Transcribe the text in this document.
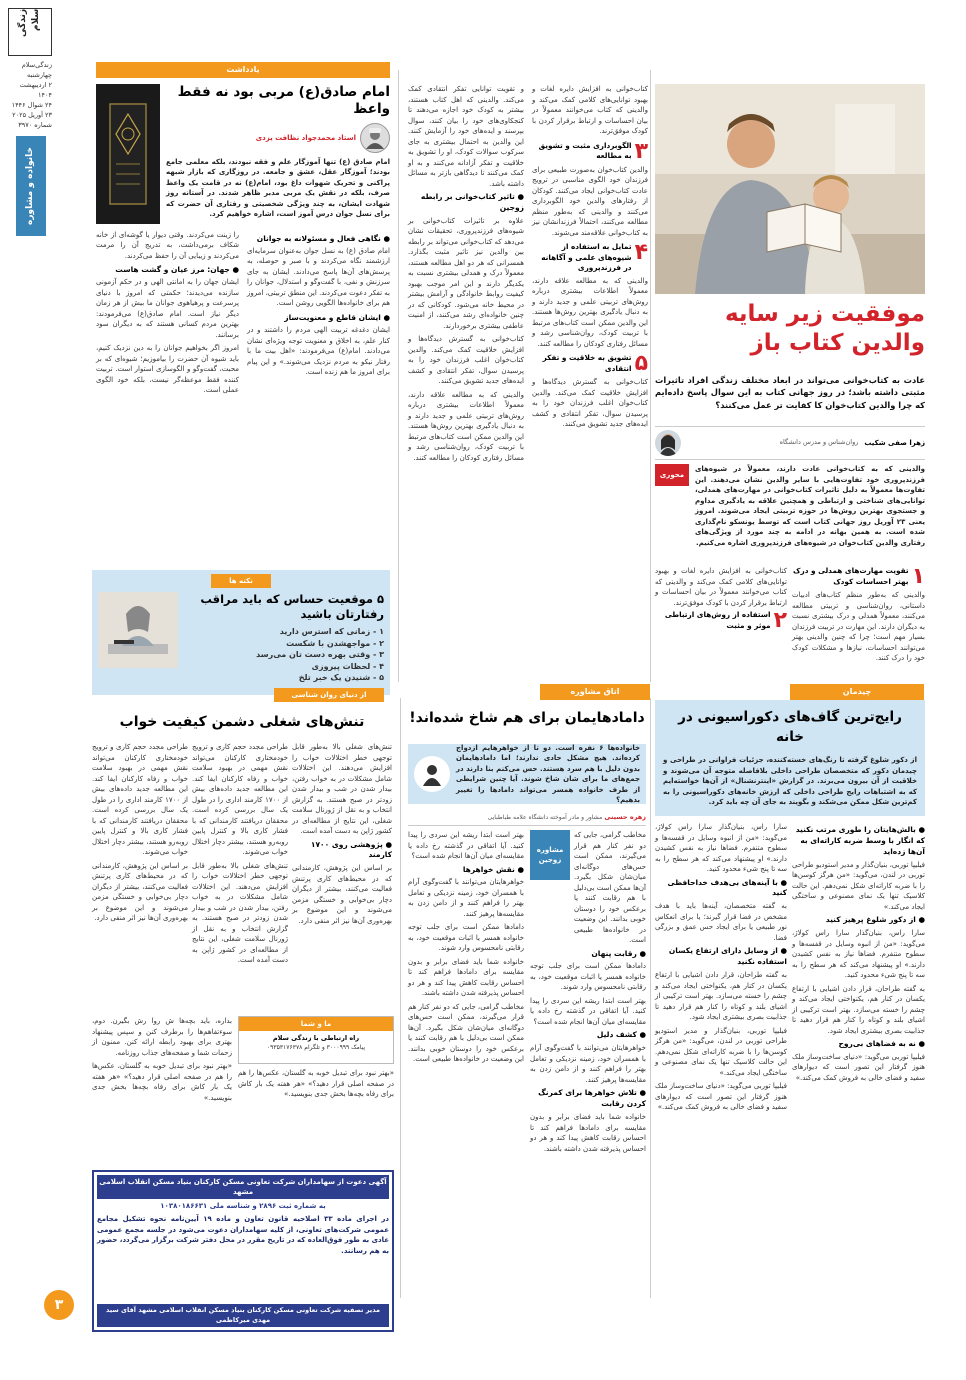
زندگی سلام
زندگی‌سلام
چهارشنبه
۲ اردیبهشت ۱۴۰۴
۲۴ شوال ۱۴۴۶
۲۳ آوریل ۲۰۲۵
شماره ۳۹۷۰
خانواده و مشاوره
۳
یادداشت
امام صادق(ع) مربی بود نه فقط واعظ
استاد محمدجواد نظافت یزدی
امام صادق (ع) تنها آموزگار علم و فقه نبودند، بلکه معلمی جامع بودند؛ آموزگار عقل، عشق و جامعه. در روزگاری که بازار شبهه پراکنی و تحریک شهوات داغ بود، امام(ع) نه در قامت یک واعظ صرف، بلکه در نقش یک مربی مدبر ظاهر شدند. در آستانه روز شهادت ایشان، به چند ویژگی شخصیتی و رفتاری آن حضرت که برای نسل جوان درس آموز است، اشاره خواهیم کرد.
● نگاهی فعال و مسئولانه به جوانان

امام صادق (ع) به نسل جوان به‌عنوان سرمایه‌ای ارزشمند نگاه می‌کردند و با صبر و حوصله، به پرسش‌های آن‌ها پاسخ می‌دادند. ایشان به جای سرزنش و نفی، با گفت‌وگو و استدلال، جوانان را به تفکر دعوت می‌کردند. این منطق تربیتی، امروز هم برای خانواده‌ها الگویی روشن است.

● ایشان قاطع و معنویت‌ساز

ایشان دغدغه تربیت الهی مردم را داشتند و در کنار علم، به اخلاق و معنویت توجه ویژه‌ای نشان می‌دادند. امام(ع) می‌فرمودند: «اهل بیت ما با رفتار نیکو به مردم نزدیک می‌شوند.» و این پیام برای امروز ما هم زنده است.

را زینت می‌کردند. وقتی دیوار یا گوشه‌ای از خانه شکاف برمی‌داشت، به تدریج آن را مرمت می‌کردند و زیبایی آن را حفظ می‌کردند.

● جهان: مرز عیان و گشت هاست

ایشان جهان را به امانتی الهی و در حکم آزمونی سازنده می‌دیدند؛ حکمتی که امروز با دنیای پرسرعت و پرهیاهوی جوانان ما بیش از هر زمان دیگر نیاز است. امام صادق(ع) می‌فرمودند: بهترین مردم کسانی هستند که به دیگران سود برسانند.

امروز اگر بخواهیم جوانان را به دین نزدیک کنیم، باید شیوه آن حضرت را بیاموزیم؛ شیوه‌ای که بر محبت، گفت‌وگو و الگوسازی استوار است. تربیت کننده فقط موعظه‌گر نیست، بلکه خود الگوی عملی است.

نکته ها
۵ موقعیت حساس که باید مراقب رفتارتان باشید
۱ - زمانی که استرس دارید
۲ - مواجهشدن با شکست
۳ - وقتی بهره دست تان می‌رسد
۴ - لحظات پیروزی
۵ - شنیدن یک خبر تلخ
از دنیای روان شناسی
موفقیت زیر سایه
والدین کتاب باز
عادت به کتاب‌خوانی می‌تواند در ابعاد مختلف زندگی افراد تاثیرات مثبتی داشته باشد؛ در روز جهانی کتاب به این سوال پاسخ داده‌ایم که چرا والدین کتاب‌خوان کا کفایت تر عمل می‌کنند؟
زهرا صفی شکیب
روان‌شناس و مدرس دانشگاه
والدینی که به کتاب‌خوانی عادت دارند، معمولاً در شیوه‌های فرزندپروری خود تفاوت‌هایی با سایر والدین نشان می‌دهند. این تفاوت‌ها معمولاً به دلیل تاثیرات کتاب‌خوانی در مهارت‌های همدلی، توانایی‌های شناختی و ارتباطی و همچنین علاقه به یادگیری مداوم و جستجوی بهترین روش‌ها در حوزه تربیتی ایجاد می‌شوند. امروز یعنی ۲۳ آوریل روز جهانی کتاب است که توسط یونسکو نام‌گذاری شده است. به همین بهانه در ادامه به چند مورد از ویژگی‌های رفتاری والدین کتاب‌خوان در شیوه‌های فرزندپروری اشاره می‌کنیم.
محوری
۱
تقویت مهارت‌های همدلی و درک بهتر احساسات کودک
والدینی که به‌طور منظم کتاب‌های ادبیات داستانی، روان‌شناسی و تربیتی مطالعه می‌کنند، معمولاً همدلی و درک بیشتری نسبت به دیگران دارند. این مهارت در تربیت فرزندان بسیار مهم است؛ چرا که چنین والدینی بهتر می‌توانند احساسات، نیازها و مشکلات کودک خود را درک کنند.
کتاب‌خوانی به افزایش دایره لغات و بهبود توانایی‌های کلامی کمک می‌کند و والدینی که کتاب می‌خوانند معمولاً در بیان احساسات و ارتباط برقرار کردن با کودک موفق‌ترند.
۲
استفاده از روش‌های ارتباطی موثر و مثبت
چیدمان
کتاب‌خوانی به افزایش دایره لغات و بهبود توانایی‌های کلامی کمک می‌کند و والدینی که کتاب می‌خوانند معمولاً در بیان احساسات و ارتباط برقرار کردن با کودک موفق‌ترند.
۳
الگوبرداری مثبت و تشویق به مطالعه
والدین کتاب‌خوان به‌صورت طبیعی برای فرزندان خود الگوی مناسبی در ترویج عادت کتاب‌خوانی ایجاد می‌کنند. کودکان از رفتارهای والدین خود الگوبرداری می‌کنند و والدینی که به‌طور منظم مطالعه می‌کنند، احتمالاً فرزندانشان نیز به کتاب‌خوانی علاقه‌مند می‌شوند.
۴
تمایل به استفاده از شیوه‌های علمی و آگاهانه در فرزندپروری
والدینی که به مطالعه علاقه دارند، معمولاً اطلاعات بیشتری درباره روش‌های تربیتی علمی و جدید دارند و به دنبال یادگیری بهترین روش‌ها هستند. این والدین ممکن است کتاب‌های مرتبط با تربیت کودک، روان‌شناسی رشد و مسائل رفتاری کودکان را مطالعه کنند.
۵
تشویق به خلاقیت و تفکر انتقادی
کتاب‌خوانی به گسترش دیدگاه‌ها و افزایش خلاقیت کمک می‌کند. والدین کتاب‌خوان اغلب فرزندان خود را به پرسیدن سوال، تفکر انتقادی و کشف ایده‌های جدید تشویق می‌کنند.
و تقویت توانایی تفکر انتقادی کمک می‌کند. والدینی که اهل کتاب هستند، بیشتر به کودک خود اجازه می‌دهند تا کنجکاوی‌های خود را بیان کنند، سوال بپرسند و ایده‌های خود را آزمایش کنند. این والدین به احتمال بیشتری به جای سرکوب سوالات کودک، او را تشویق به خلاقیت و تفکر آزادانه می‌کنند و به او کمک می‌کنند تا دیدگاهی بازتر به مسائل داشته باشد.
● تاثیر کتاب‌خوانی بر رابطه زوجین
علاوه بر تاثیرات کتاب‌خوانی بر شیوه‌های فرزندپروری، تحقیقات نشان می‌دهد که کتاب‌خوانی می‌تواند بر رابطه بین والدین نیز تاثیر مثبت بگذارد. همسرانی که هر دو اهل مطالعه هستند، معمولاً درک و همدلی بیشتری نسبت به یکدیگر دارند و این امر موجب بهبود کیفیت روابط خانوادگی و آرامش بیشتر در محیط خانه می‌شود. کودکانی که در چنین خانواده‌ای رشد می‌کنند، از امنیت عاطفی بیشتری برخوردارند.
کتاب‌خوانی به گسترش دیدگاه‌ها و افزایش خلاقیت کمک می‌کند. والدین کتاب‌خوان اغلب فرزندان خود را به پرسیدن سوال، تفکر انتقادی و کشف ایده‌های جدید تشویق می‌کنند.
والدینی که به مطالعه علاقه دارند، معمولاً اطلاعات بیشتری درباره روش‌های تربیتی علمی و جدید دارند و به دنبال یادگیری بهترین روش‌ها هستند. این والدین ممکن است کتاب‌های مرتبط با تربیت کودک، روان‌شناسی رشد و مسائل رفتاری کودکان را مطالعه کنند.
اتاق مشاوره
رایج‌ترین گاف‌های دکوراسیونی در خانه
از دکور شلوغ گرفته تا رنگ‌های خسته‌کننده، جزئیات فراوانی در طراحی و چیدمان دکور که متخصصان طراحی داخلی بلافاصله متوجه آن می‌شوند و خلاقیت از آن بیرون می‌برند. در گزارش «اینترنشنال» از آن‌ها خواسته‌ایم که به اشتباهات رایج طراحی داخلی که ارزش خانه‌های دکوراسیونی را به کم‌ترین شکل ممکن می‌شکند و بگویند به جای آن چه باید کرد.
● بالش‌هایتان را طوری مرتب نکنید که انگار با وسط ضربه کاراته‌ای به آن‌ها زده‌اید
فیلیپا توربی، بنیان‌گذار و مدیر استودیو طراحی توربی در لندن، می‌گوید: «من هرگز کوسن‌ها را با ضربه کاراته‌ای شکل نمی‌دهم. این حالت کلاسیک تنها یک نمای مصنوعی و ساختگی ایجاد می‌کند.»
● از دکور شلوغ پرهیز کنید
سارا راس، بنیان‌گذار سارا راس کولاژ، می‌گوید: «من از انبوه وسایل در قفسه‌ها و سطوح متنفرم. فضاها نیاز به نفس کشیدن دارند.» او پیشنهاد می‌کند که هر سطح را به سه تا پنج شیء محدود کنید.
به گفته طراحان، قرار دادن اشیایی با ارتفاع یکسان در کنار هم، یکنواختی ایجاد می‌کند و چشم را خسته می‌سازد. بهتر است ترکیبی از اشیای بلند و کوتاه را کنار هم قرار دهید تا جذابیت بصری بیشتری ایجاد شود.
● نه به فضاهای بی‌روح
فیلیپا توربی می‌گوید: «دنیای ساخت‌وساز ملک هنوز گرفتار این تصور است که دیوارهای سفید و فضای خالی به فروش کمک می‌کند.»
سارا راس، بنیان‌گذار سارا راس کولاژ، می‌گوید: «من از انبوه وسایل در قفسه‌ها و سطوح متنفرم. فضاها نیاز به نفس کشیدن دارند.» او پیشنهاد می‌کند که هر سطح را به سه تا پنج شیء محدود کنید.
● با آینه‌های بی‌هدف خداحافظی کنید
به گفته متخصصان، آینه‌ها باید با هدف مشخص در فضا قرار گیرند؛ یا برای انعکاس نور طبیعی یا برای ایجاد حس عمق و بزرگی فضا.
● از وسایل دارای ارتفاع یکسان استفاده نکنید
به گفته طراحان، قرار دادن اشیایی با ارتفاع یکسان در کنار هم، یکنواختی ایجاد می‌کند و چشم را خسته می‌سازد. بهتر است ترکیبی از اشیای بلند و کوتاه را کنار هم قرار دهید تا جذابیت بصری بیشتری ایجاد شود.
فیلیپا توربی، بنیان‌گذار و مدیر استودیو طراحی توربی در لندن، می‌گوید: «من هرگز کوسن‌ها را با ضربه کاراته‌ای شکل نمی‌دهم. این حالت کلاسیک تنها یک نمای مصنوعی و ساختگی ایجاد می‌کند.»
فیلیپا توربی می‌گوید: «دنیای ساخت‌وساز ملک هنوز گرفتار این تصور است که دیوارهای سفید و فضای خالی به فروش کمک می‌کند.»
دامادهایمان برای هم شاخ شده‌اند!
خانواده‌ها ۶ نفره است. دو تا از خواهرهایم ازدواج کرده‌اند. هیچ مشکل حادی ندارند؛ اما دامادهایمان بدون دلیل با هم سرد هستند. حس می‌کنم بنا دارند در جمع‌های ما برای شان شاخ شوند. آیا چنین شرایطی از طرف خانواده همسر می‌تواند داماد‌ها را تغییر بدهیم؟
زهره حسینی مشاور و مادر آموخته دانشگاه علامه طباطبایی
مخاطب گرامی، جایی که دو نفر کنار هم قرار می‌گیرند، ممکن است حس‌های دوگانه‌ای میان‌شان شکل بگیرد. آن‌ها ممکن است بی‌دلیل با هم رقابت کنند یا برعکس خود را دوستان خوبی بدانند. این وضعیت در خانواده‌ها طبیعی است.
مشاوره زوجین
● رقابت پنهان
دامادها ممکن است برای جلب توجه خانواده همسر یا اثبات موقعیت خود، به رقابتی نامحسوس وارد شوند.
بهتر است ابتدا ریشه این سردی را پیدا کنید. آیا اتفاقی در گذشته رخ داده یا مقایسه‌ای میان آن‌ها انجام شده است؟
● کشف دلیل
خواهرهایتان می‌توانند با گفت‌وگوی آرام با همسران خود، زمینه نزدیکی و تعامل بهتر را فراهم کنند و از دامن زدن به مقایسه‌ها پرهیز کنند.
● تلاش خواهرها برای کمرنگ کردن رقابت
خانواده شما باید فضای برابر و بدون مقایسه برای دامادها فراهم کند تا احساس رقابت کاهش پیدا کند و هر دو احساس پذیرفته شدن داشته باشند.
بهتر است ابتدا ریشه این سردی را پیدا کنید. آیا اتفاقی در گذشته رخ داده یا مقایسه‌ای میان آن‌ها انجام شده است؟
● نقش خواهرها
خواهرهایتان می‌توانند با گفت‌وگوی آرام با همسران خود، زمینه نزدیکی و تعامل بهتر را فراهم کنند و از دامن زدن به مقایسه‌ها پرهیز کنند.
دامادها ممکن است برای جلب توجه خانواده همسر یا اثبات موقعیت خود، به رقابتی نامحسوس وارد شوند.
خانواده شما باید فضای برابر و بدون مقایسه برای دامادها فراهم کند تا احساس رقابت کاهش پیدا کند و هر دو احساس پذیرفته شدن داشته باشند.
مخاطب گرامی، جایی که دو نفر کنار هم قرار می‌گیرند، ممکن است حس‌های دوگانه‌ای میان‌شان شکل بگیرد. آن‌ها ممکن است بی‌دلیل با هم رقابت کنند یا برعکس خود را دوستان خوبی بدانند. این وضعیت در خانواده‌ها طبیعی است.
تنش‌های شغلی دشمن کیفیت خواب
تنش‌های شغلی بالا به‌طور قابل توجهی خطر اختلالات خواب را افزایش می‌دهند. این اختلالات شامل مشکلات در به خواب رفتن، بیدار شدن در شب و بیدار شدن زودتر در صبح هستند. به گزارش انتخاب و به نقل از ژورنال سلامت شغلی، این نتایج از مطالعه‌ای در کشور ژاپن به دست آمده است.
● پژوهشی روی ۱۷۰۰ کارمند
بر اساس این پژوهش، کارمندانی که در محیط‌های کاری پرتنش فعالیت می‌کنند، بیشتر از دیگران دچار بی‌خوابی و خستگی مزمن می‌شوند و این موضوع بر بهره‌وری آن‌ها نیز اثر منفی دارد.
طراحی مجدد حجم کاری و ترویج خودمختاری کارکنان می‌تواند نقش مهمی در بهبود سلامت خواب و رفاه کارکنان ایفا کند. این مطالعه جدید داده‌های بیش از ۱۷۰۰ کارمند اداری را در طول یک سال بررسی کرده است. محققان دریافتند کارمندانی که با فشار کاری بالا و کنترل پایین روبه‌رو هستند، بیشتر دچار اختلال خواب می‌شوند.
تنش‌های شغلی بالا به‌طور قابل توجهی خطر اختلالات خواب را افزایش می‌دهند. این اختلالات شامل مشکلات در به خواب رفتن، بیدار شدن در شب و بیدار شدن زودتر در صبح هستند. به گزارش انتخاب و به نقل از ژورنال سلامت شغلی، این نتایج از مطالعه‌ای در کشور ژاپن به دست آمده است.
طراحی مجدد حجم کاری و ترویج خودمختاری کارکنان می‌تواند نقش مهمی در بهبود سلامت خواب و رفاه کارکنان ایفا کند. این مطالعه جدید داده‌های بیش از ۱۷۰۰ کارمند اداری را در طول یک سال بررسی کرده است. محققان دریافتند کارمندانی که با فشار کاری بالا و کنترل پایین روبه‌رو هستند، بیشتر دچار اختلال خواب می‌شوند.
بر اساس این پژوهش، کارمندانی که در محیط‌های کاری پرتنش فعالیت می‌کنند، بیشتر از دیگران دچار بی‌خوابی و خستگی مزمن می‌شوند و این موضوع بر بهره‌وری آن‌ها نیز اثر منفی دارد.
ما و شما
راه ارتباطی با زندگی سلام
پیامک ۳۰۰۰۹۹۹ و تلگرام ۰۹۳۵۳۱۷۶۳۷۸
«بهتر نبود برای تبدیل خوبه به گلستان، عکس‌ها را هم در صفحه اصلی قرار دهید؟» «هر هفته یک بار کاش برای رفاه بچه‌ها بخش جدی بنویسید.»
بداره، باید بچه‌ها ش روا رش بگیرن. دوم، سوءتفاهم‌ها را برطرف کنن و سپس پیشنهاد بهتری برای بهبود رابطه ارائه کنن. ممنون از زحمات شما و صفحه‌های جذاب روزنامه.
«بهتر نبود برای تبدیل خوبه به گلستان، عکس‌ها را هم در صفحه اصلی قرار دهید؟» «هر هفته یک بار کاش برای رفاه بچه‌ها بخش جدی بنویسید.»
آگهی دعوت از سهامداران شرکت تعاونی مسکن کارکنان بنیاد مسکن انقلاب اسلامی مشهد
به شماره ثبت ۲۸۹۶ و شناسه ملی ۱۰۳۸۰۱۸۶۶۳۱
در اجرای ماده ۳۳ اصلاحیه قانون تعاون و ماده ۱۹ آیین‌نامه نحوه تشکیل مجامع عمومی شرکت‌های تعاونی، از کلیه سهامداران دعوت می‌شود در جلسه مجمع عمومی عادی به طور فوق‌العاده که در تاریخ مقرر در محل دفتر شرکت برگزار می‌گردد، حضور به هم رسانند.
مدیر تصفیه شرکت تعاونی مسکن کارکنان بنیاد مسکن انقلاب اسلامی مشهد آقای سید مهدی میرکاظمی
